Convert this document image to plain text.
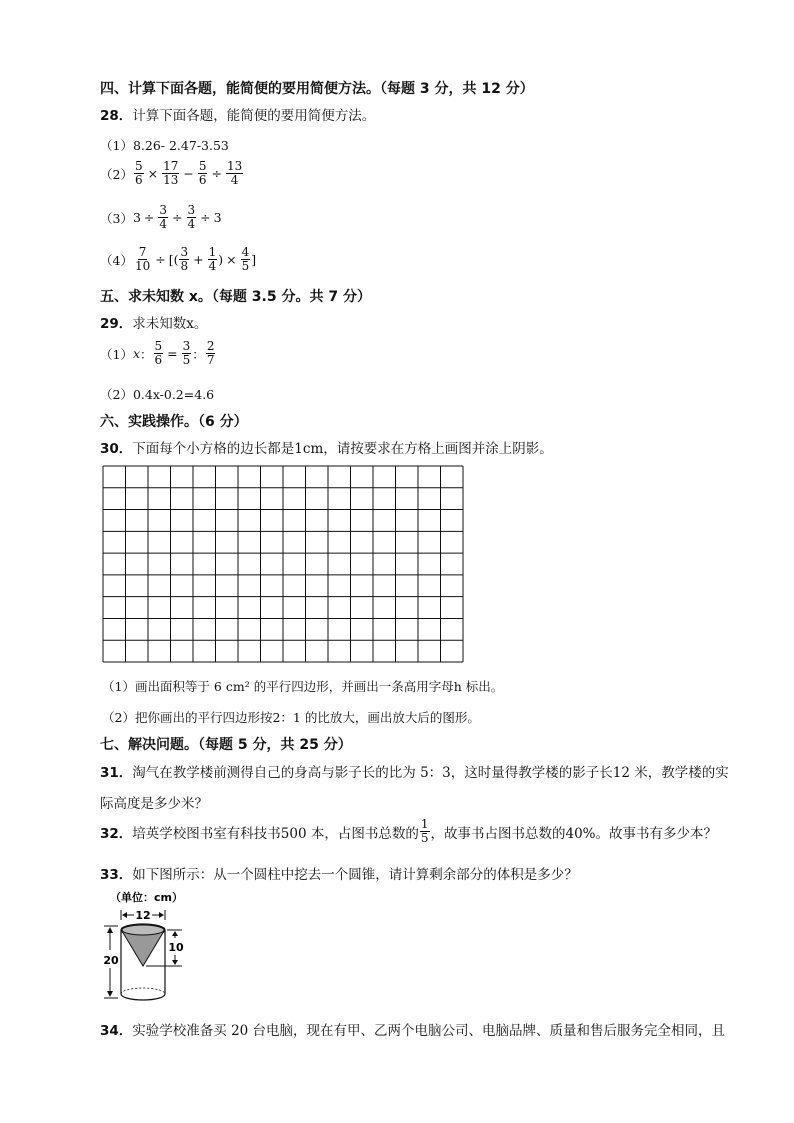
四、计算下面各题，能简便的要用简便方法。（每题 3 分，共 12 分）
28．计算下面各题，能简便的要用简便方法。
（1） 8.26- 2.47-3.53
$(2) \frac{5}{6} \times \frac{17}{13} - \frac{5}{6} \div \frac{13}{4}$
（3） $3 \div \frac{3}{4} \div \frac{3}{4} \div 3$
$(4) \frac{7}{10}$ ÷ [( $\frac{3}{8} + \frac{1}{4}$ ) × $\frac{4}{5}$ ]
五、求未知数 x。（每题 3.5 分。共 7 分）
29．求未知数x。
（1） x ： $\frac{5}{6} = \frac{3}{5}$ ： $\frac{2}{7}$
（2） 0.4x-0.2=4.6
六、实践操作。（6 分）
30．下面每个小方格的边长都是1cm，请按要求在方格上画图并涂上阴影。
（1）画出面积等于 6 cm² 的平行四边形，并画出一条高用字母h 标出。
（2）把你画出的平行四边形按2：1 的比放大，画出放大后的图形。
七、解决问题。（每题 5 分，共 25 分）
31．淘气在教学楼前测得自己的身高与影子长的比为 5：3，这时量得教学楼的影子长12 米，教学楼的实
际高度是多少米？
32． 培英学校图书室有科技书500 本，占图书总数的 $\frac{1}{5}$ ，故事书占图书总数的40%。故事书有多少本？
33．如下图所示：从一个圆柱中挖去一个圆锥，请计算剩余部分的体积是多少？
（单位：cm）
12
20
10
34．实验学校准备买 20 台电脑，现在有甲、乙两个电脑公司、电脑品牌、质量和售后服务完全相同，且
